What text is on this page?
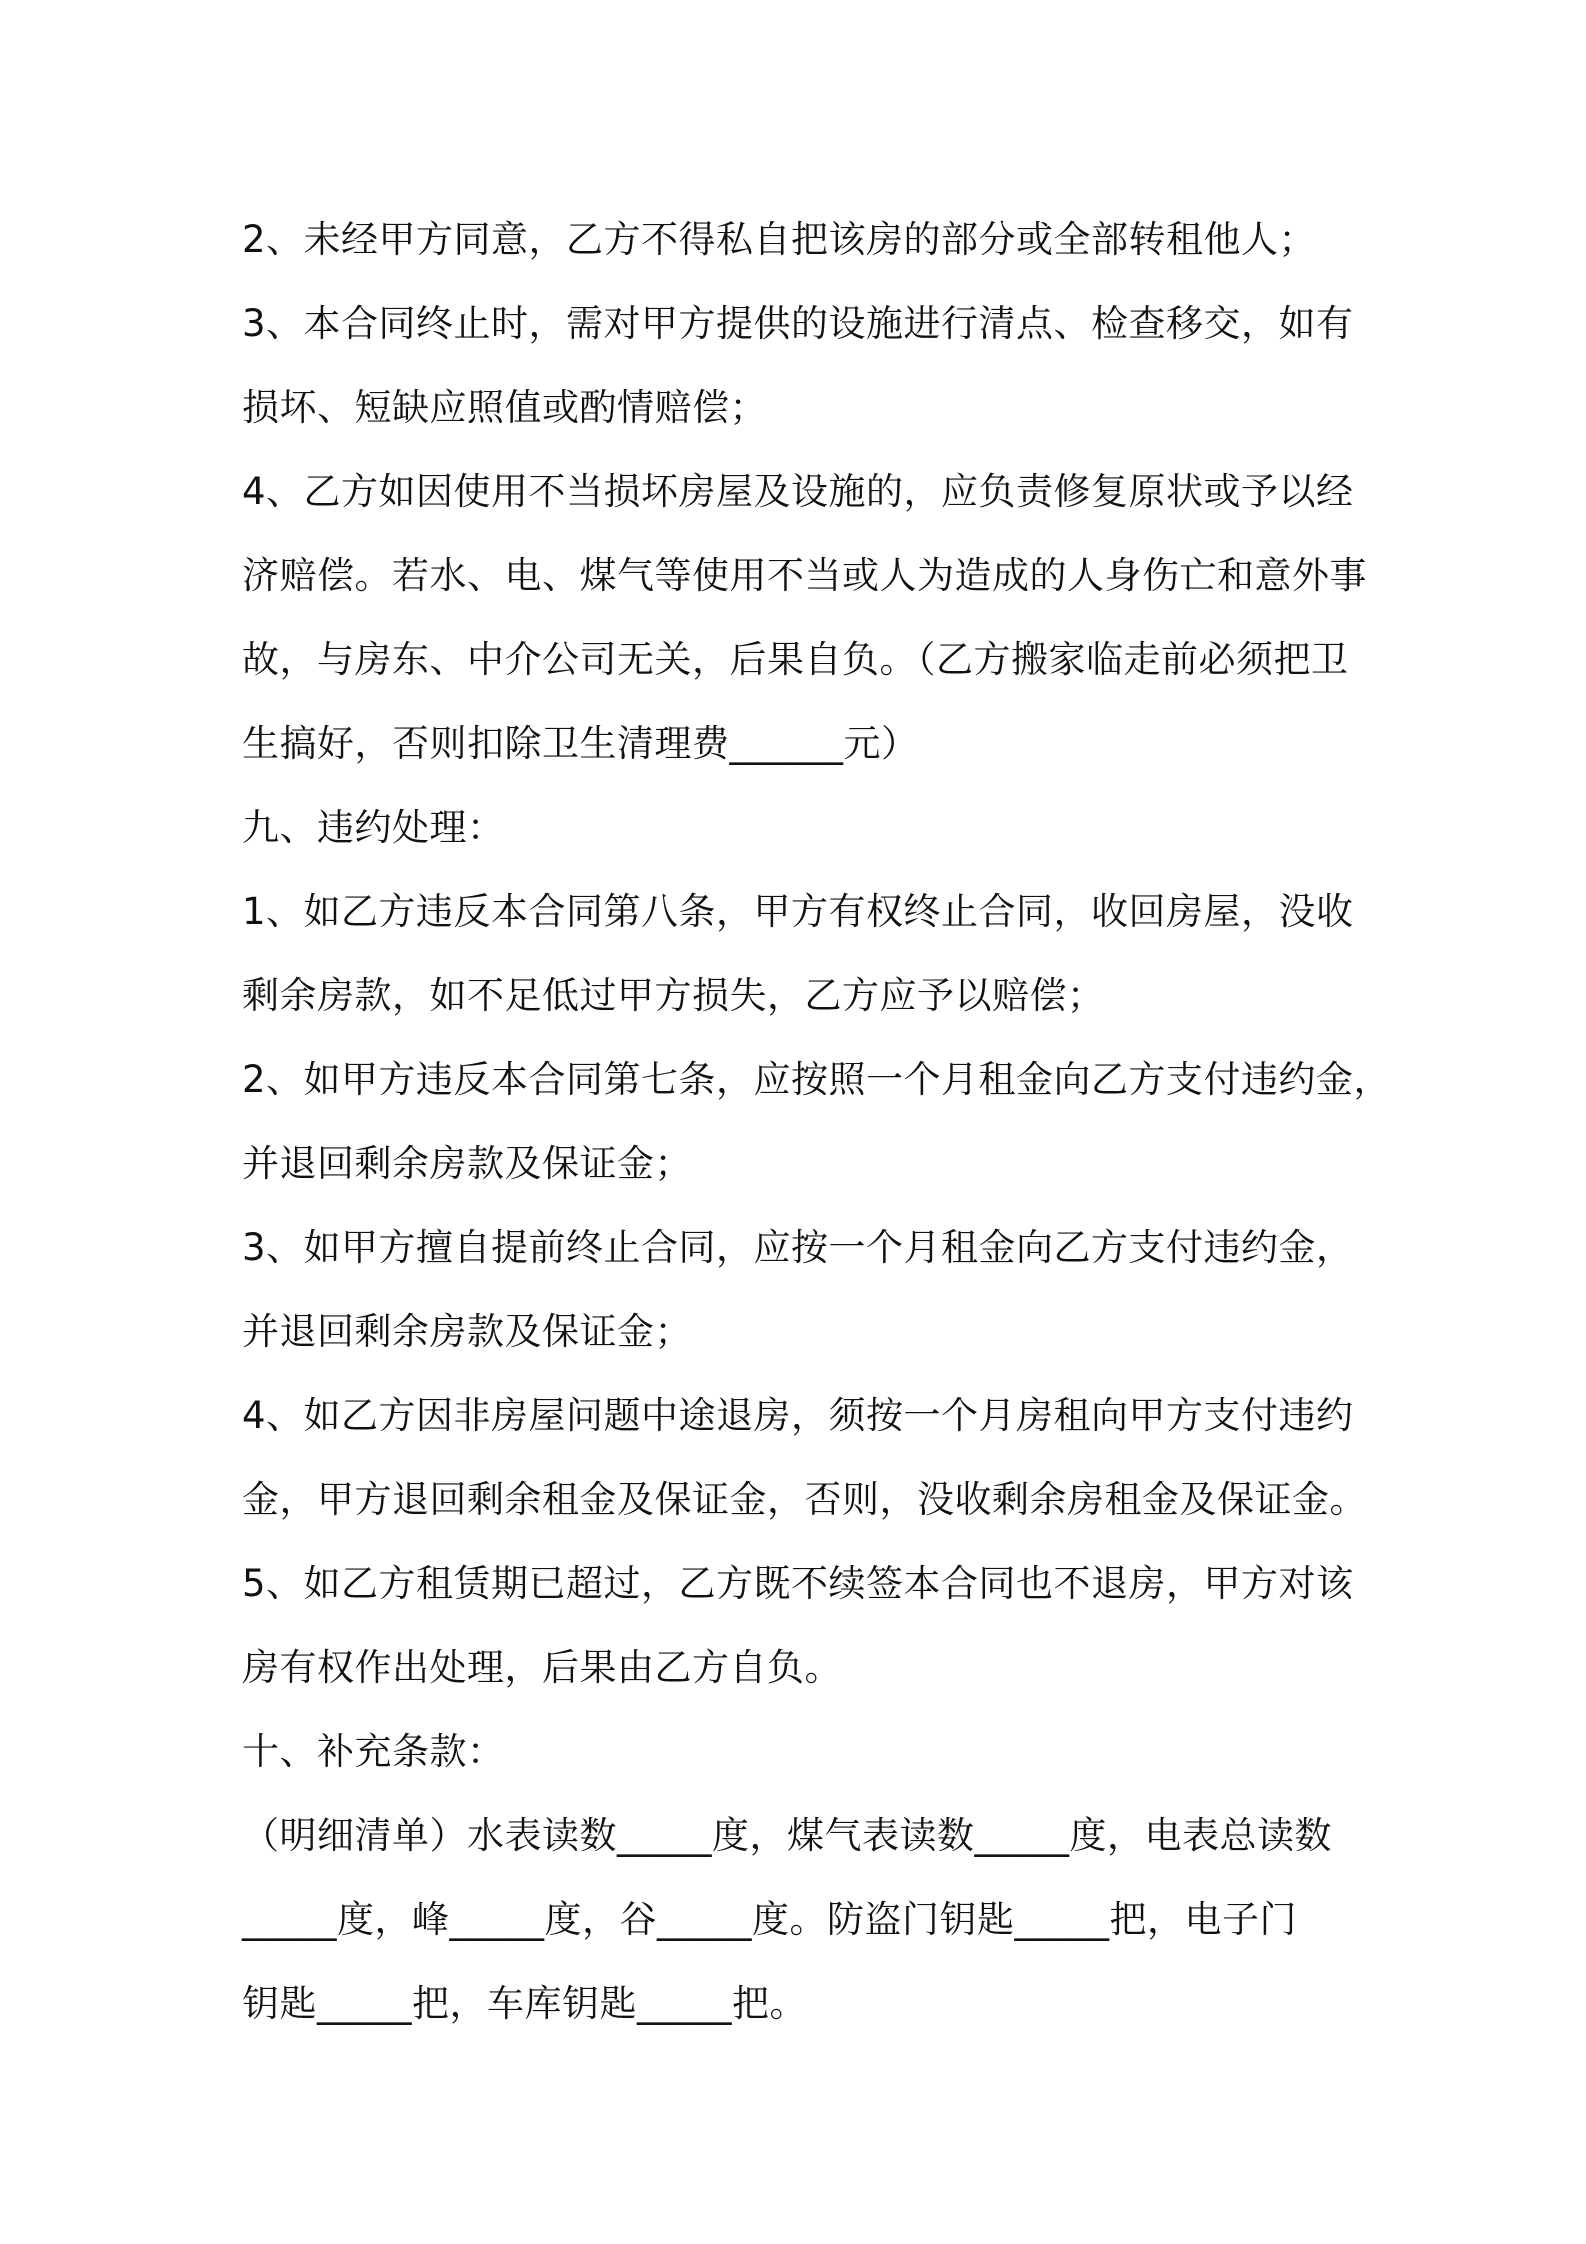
2、未经甲方同意，乙方不得私自把该房的部分或全部转租他人；
3、本合同终止时，需对甲方提供的设施进行清点、检查移交，如有
损坏、短缺应照值或酌情赔偿；
4、乙方如因使用不当损坏房屋及设施的，应负责修复原状或予以经
济赔偿。若水、电、煤气等使用不当或人为造成的人身伤亡和意外事
故，与房东、中介公司无关，后果自负。（乙方搬家临走前必须把卫
生搞好，否则扣除卫生清理费______元）
九、违约处理：
1、如乙方违反本合同第八条，甲方有权终止合同，收回房屋，没收
剩余房款，如不足低过甲方损失，乙方应予以赔偿；
2、如甲方违反本合同第七条，应按照一个月租金向乙方支付违约金，
并退回剩余房款及保证金；
3、如甲方擅自提前终止合同，应按一个月租金向乙方支付违约金，
并退回剩余房款及保证金；
4、如乙方因非房屋问题中途退房，须按一个月房租向甲方支付违约
金，甲方退回剩余租金及保证金，否则，没收剩余房租金及保证金。
5、如乙方租赁期已超过，乙方既不续签本合同也不退房，甲方对该
房有权作出处理，后果由乙方自负。
十、补充条款：
（明细清单）水表读数_____度，煤气表读数_____度，电表总读数
_____度，峰_____度，谷_____度。防盗门钥匙_____把，电子门
钥匙_____把，车库钥匙_____把。
